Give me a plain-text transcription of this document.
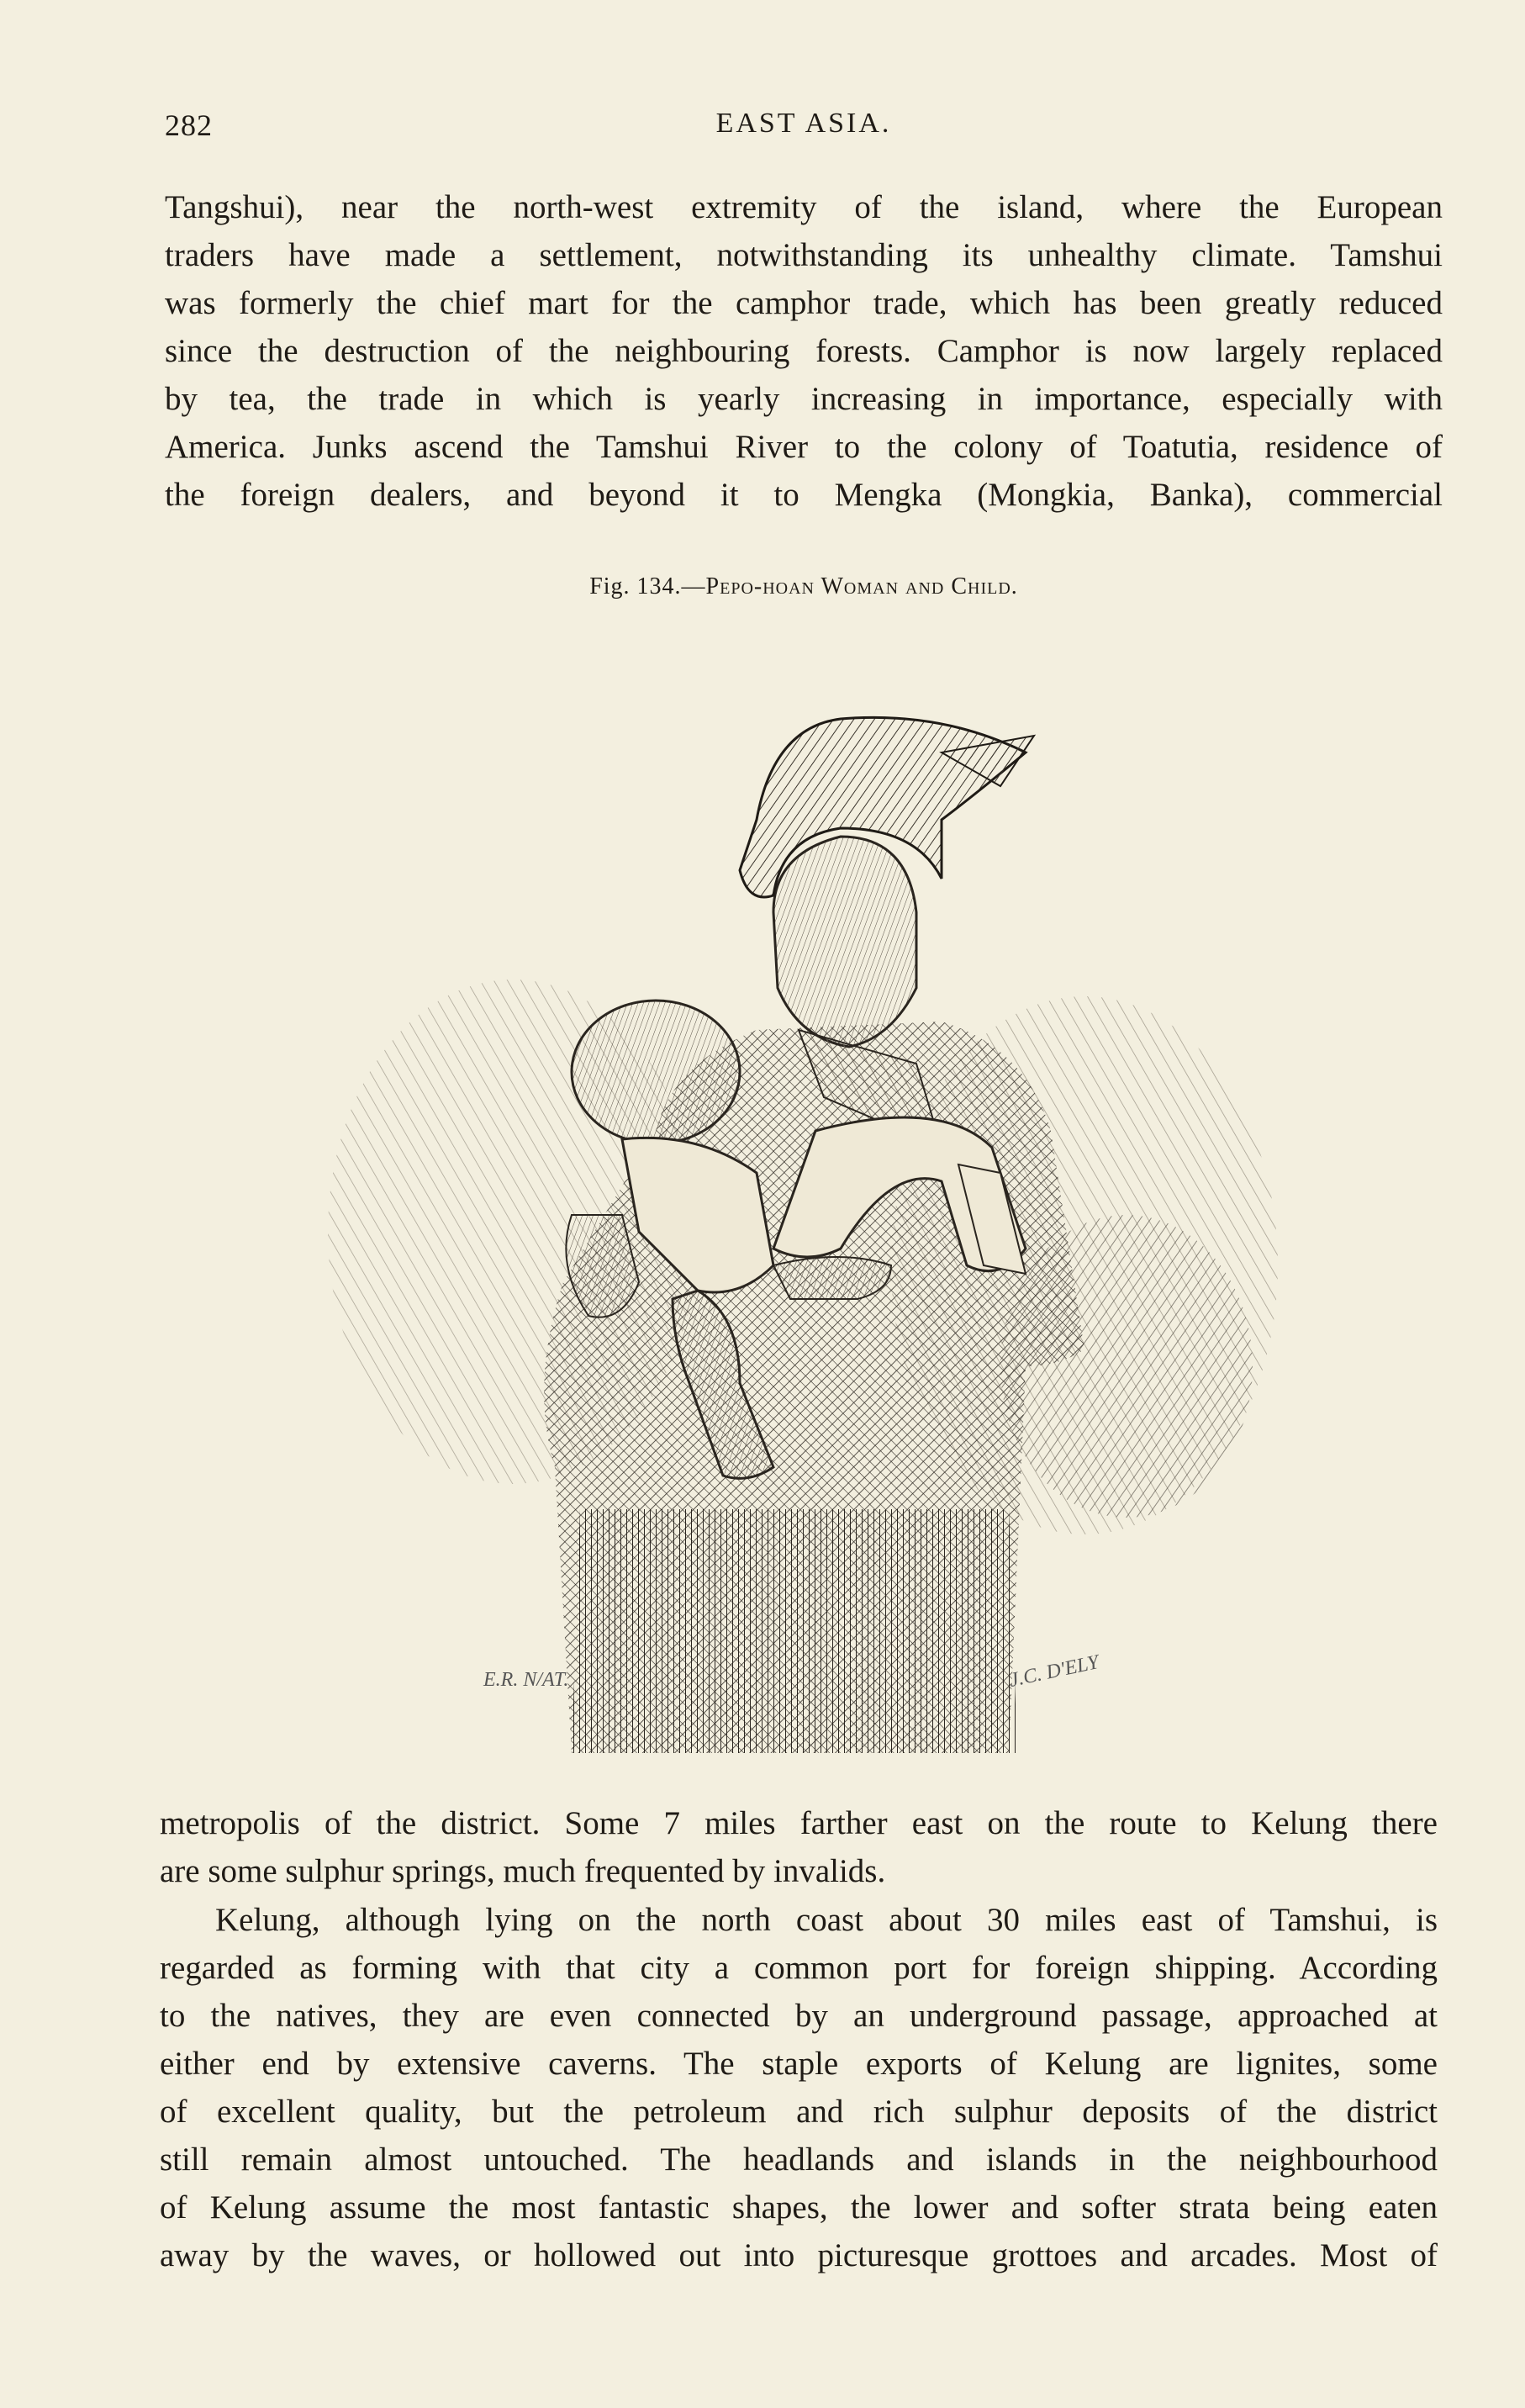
282	EAST ASIA.

Tangshui), near the north-west extremity of the island, where the European
traders have made a settlement, notwithstanding its unhealthy climate. Tamshui
was formerly the chief mart for the camphor trade, which has been greatly reduced
since the destruction of the neighbouring forests. Camphor is now largely replaced
by tea, the trade in which is yearly increasing in importance, especially with
America. Junks ascend the Tamshui River to the colony of Toatutia, residence of
the foreign dealers, and beyond it to Mengka (Mongkia, Banka), commercial

Fig. 134.—Pepo-hoan Woman and Child.
E.R. N/AT.	J.C. D'ELY

metropolis of the district. Some 7 miles farther east on the route to Kelung there
are some sulphur springs, much frequented by invalids.

Kelung, although lying on the north coast about 30 miles east of Tamshui, is
regarded as forming with that city a common port for foreign shipping. According
to the natives, they are even connected by an underground passage, approached at
either end by extensive caverns. The staple exports of Kelung are lignites, some
of excellent quality, but the petroleum and rich sulphur deposits of the district
still remain almost untouched. The headlands and islands in the neighbourhood
of Kelung assume the most fantastic shapes, the lower and softer strata being eaten
away by the waves, or hollowed out into picturesque grottoes and arcades. Most of
